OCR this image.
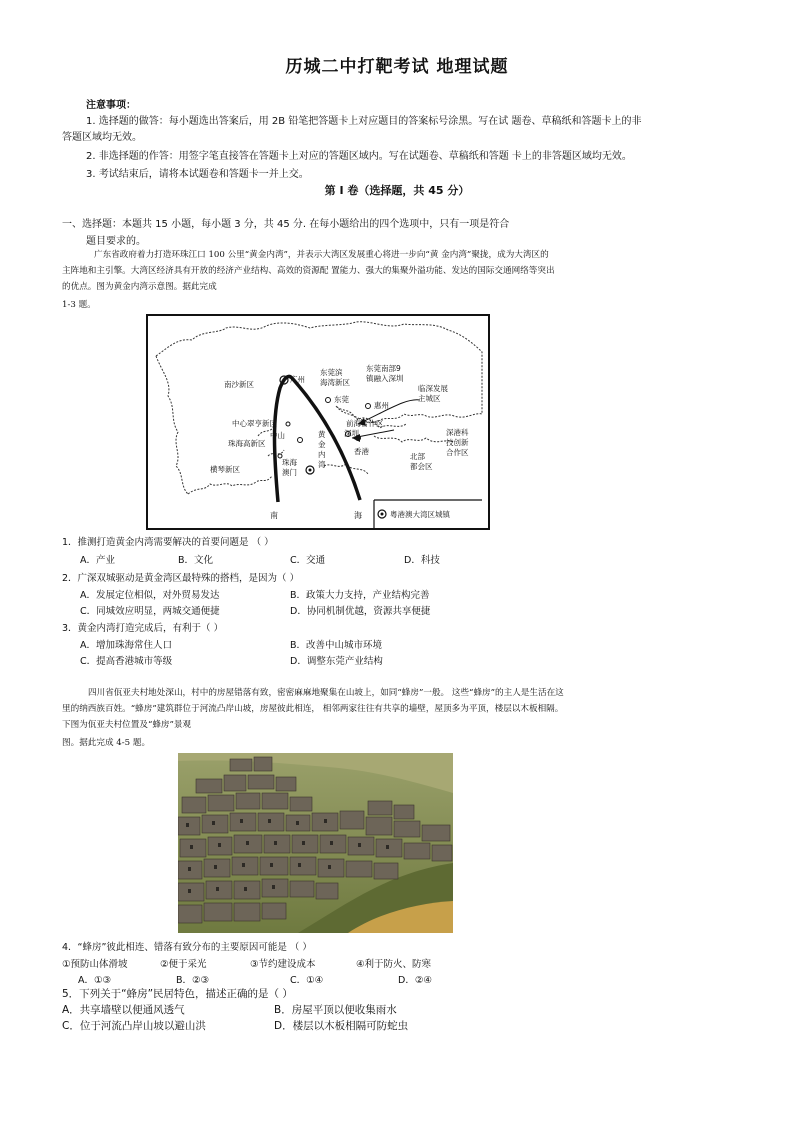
历城二中打靶考试 地理试题
注意事项：
1. 选择题的做答：每小题选出答案后，用 2B 铅笔把答题卡上对应题目的答案标号涂黑。写在试 题卷、草稿纸和答题卡上的非
答题区域均无效。
2. 非选择题的作答：用签字笔直接答在答题卡上对应的答题区域内。写在试题卷、草稿纸和答题 卡上的非答题区域均无效。
3. 考试结束后，请将本试题卷和答题卡一并上交。
第 Ⅰ 卷（选择题，共 45 分）
一、选择题：本题共 15 小题，每小题 3 分，共 45 分. 在每小题给出的四个选项中，只有一项是符合
题目要求的。
广东省政府着力打造环珠江口 100 公里“黄金内湾”，并表示大湾区发展重心将进一步向“黄 金内湾”聚拢，成为大湾区的
主阵地和主引擎。大湾区经济具有开放的经济产业结构、高效的资源配 置能力、强大的集聚外溢功能、发达的国际交通网络等突出
的优点。图为黄金内湾示意图。据此完成
1-3 题。
南沙新区
广州
东莞滨
海湾新区
东莞
东莞南部9
镇融入深圳
临深发展
主城区
惠州
中心翠亨新区
中山
前海合作区
深圳
珠海高新区
黄
金
内
湾
香港
深港科
技创新
合作区
横琴新区
珠海
澳门
北部
都会区
南	海	粤港澳大湾区城镇
1．推测打造黄金内湾需要解决的首要问题是 （ ）
A．产业	B．文化	C．交通	D．科技
2．广深双城驱动是黄金湾区最特殊的搭档，是因为（ ）
A．发展定位相似，对外贸易发达	B．政策大力支持，产业结构完善
C．同城效应明显，两城交通便捷	D．协同机制优越，资源共享便捷
3．黄金内湾打造完成后，有利于（ ）
A．增加珠海常住人口	B．改善中山城市环境
C．提高香港城市等级	D．调整东莞产业结构
四川省佤亚夫村地处深山，村中的房屋错落有致，密密麻麻地聚集在山坡上，如同“蜂房”一般。 这些“蜂房”的主人是生活在这
里的纳西族百姓。“蜂房”建筑群位于河流凸岸山坡，房屋彼此相连， 相邻两家往往有共享的墙壁，屋顶多为平顶，楼层以木板相隔。
下图为佤亚夫村位置及“蜂房”景观
图。据此完成 4-5 题。
4．“蜂房”彼此相连、错落有致分布的主要原因可能是 （ ）
①预防山体滑坡	②便于采光	③节约建设成本	④利于防火、防寒
A．①③	B．②③	C．①④	D．②④
5．下列关于“蜂房”民居特色，描述正确的是（ ）
A．共享墙壁以便通风透气	B．房屋平顶以便收集雨水
C．位于河流凸岸山坡以避山洪	D．楼层以木板相隔可防蛇虫
